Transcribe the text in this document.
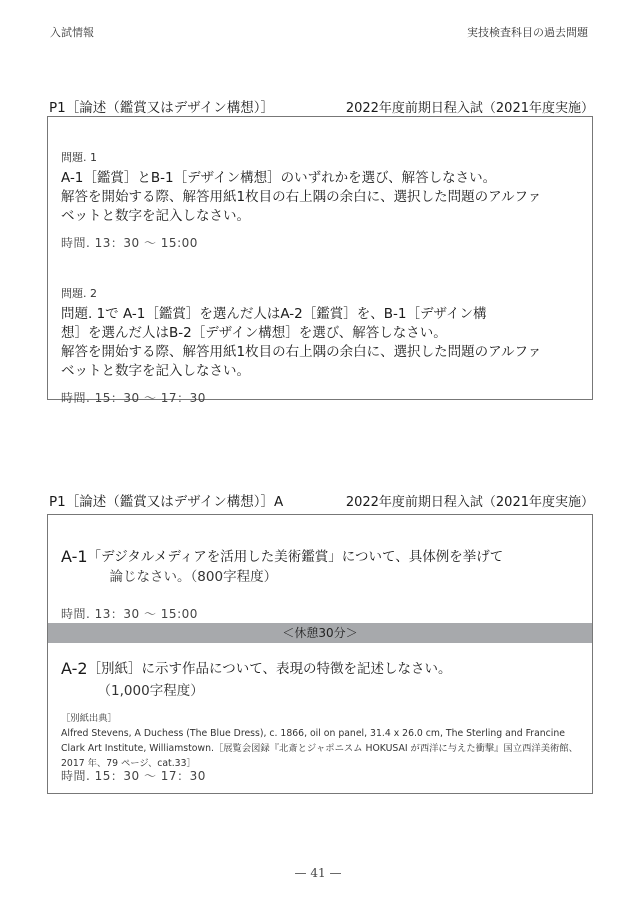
入試情報	実技検査科目の過去問題
P1［論述（鑑賞又はデザイン構想）］	2022年度前期日程入試（2021年度実施）
問題. 1
A-1［鑑賞］とB-1［デザイン構想］のいずれかを選び、解答しなさい。
解答を開始する際、解答用紙1枚目の右上隅の余白に、選択した問題のアルファ
ベットと数字を記入しなさい。
時間. 13：30 ～ 15:00
問題. 2
問題. 1で A-1［鑑賞］を選んだ人はA-2［鑑賞］を、B-1［デザイン構
想］を選んだ人はB-2［デザイン構想］を選び、解答しなさい。
解答を開始する際、解答用紙1枚目の右上隅の余白に、選択した問題のアルファ
ベットと数字を記入しなさい。
時間. 15：30 ～ 17：30
P1［論述（鑑賞又はデザイン構想）］A	2022年度前期日程入試（2021年度実施）
A-1 「デジタルメディアを活用した美術鑑賞」について、具体例を挙げて
論じなさい。（800字程度）
時間. 13：30 ～ 15:00
＜休憩30分＞
A-2 ［別紙］に示す作品について、表現の特徴を記述しなさい。
（1,000字程度）
［別紙出典］
Alfred Stevens, A Duchess (The Blue Dress), c. 1866, oil on panel, 31.4 x 26.0 cm, The Sterling and Francine
Clark Art Institute, Williamstown.［展覧会図録『北斎とジャポニスム HOKUSAI が西洋に与えた衝撃』国立西洋美術館、
2017 年、79 ページ、cat.33］
時間. 15：30 ～ 17：30
— 41 —
